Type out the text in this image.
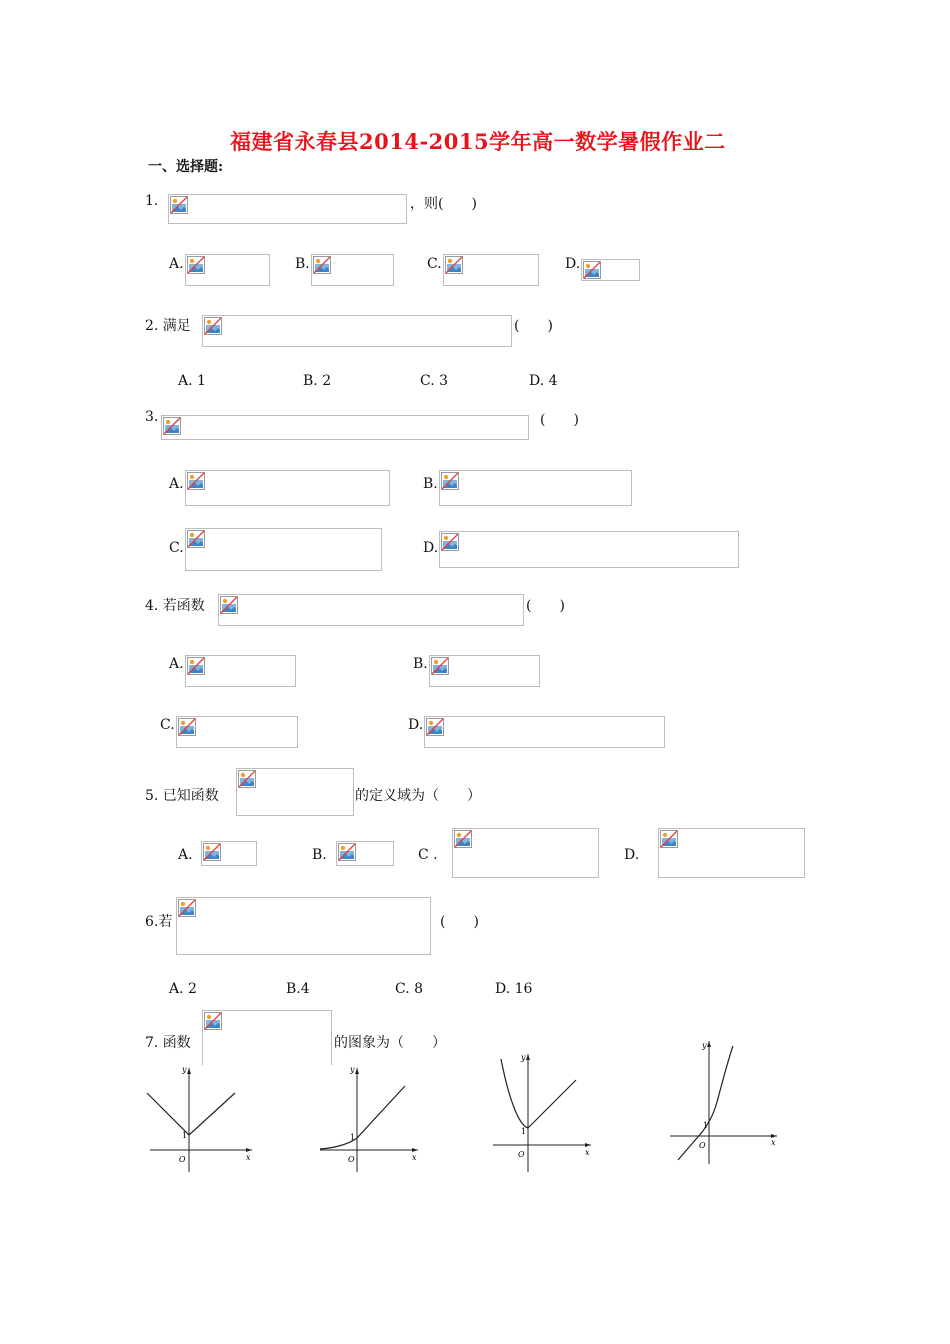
福建省永春县2014-2015学年高一数学暑假作业二
一、选择题:
1.	，则(　　)
A.	B.	C.	D.
2. 满足	(　　)
A. 1	B. 2	C. 3	D. 4
3.	(　　)
A.	B.
C.	D.
4. 若函数	(　　)
A.	B.
C.	D.
5. 已知函数	的定义域为（　　）
A.	B.	C .	D.
6.若	(　　)
A. 2	B.4	C. 8	D. 16
7. 函数	的图象为（　　）
y
x
O
1
y
x
O
1
y
x
O
1
y
x
O
1
